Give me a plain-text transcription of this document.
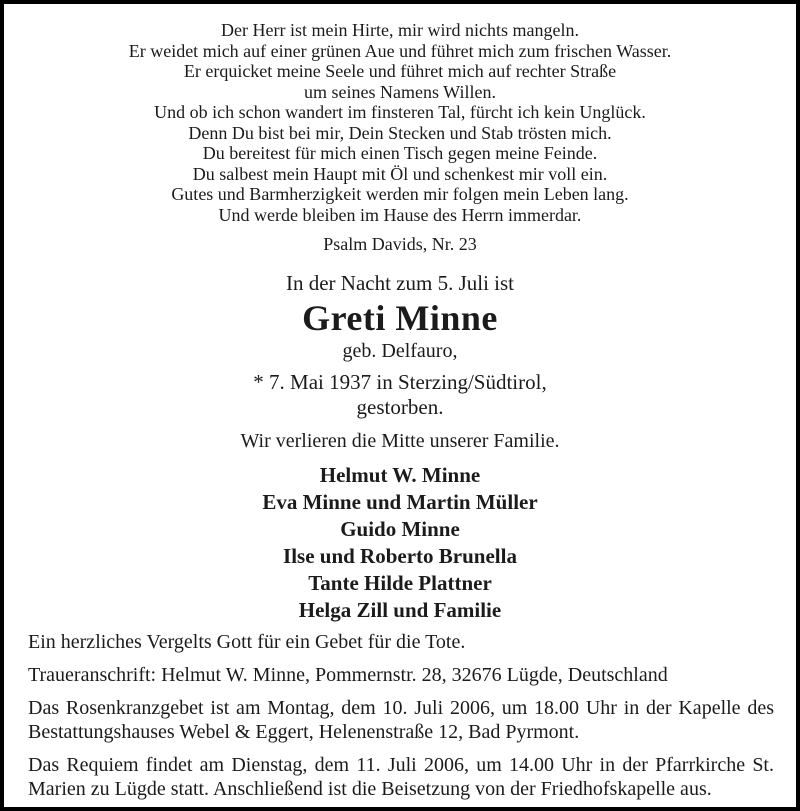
Der Herr ist mein Hirte, mir wird nichts mangeln.
Er weidet mich auf einer grünen Aue und führet mich zum frischen Wasser.
Er erquicket meine Seele und führet mich auf rechter Straße
um seines Namens Willen.
Und ob ich schon wandert im finsteren Tal, fürcht ich kein Unglück.
Denn Du bist bei mir, Dein Stecken und Stab trösten mich.
Du bereitest für mich einen Tisch gegen meine Feinde.
Du salbest mein Haupt mit Öl und schenkest mir voll ein.
Gutes und Barmherzigkeit werden mir folgen mein Leben lang.
Und werde bleiben im Hause des Herrn immerdar.
Psalm Davids, Nr. 23
In der Nacht zum 5. Juli ist
Greti Minne
geb. Delfauro,
* 7. Mai 1937 in Sterzing/Südtirol,
gestorben.
Wir verlieren die Mitte unserer Familie.
Helmut W. Minne
Eva Minne und Martin Müller
Guido Minne
Ilse und Roberto Brunella
Tante Hilde Plattner
Helga Zill und Familie

Ein herzliches Vergelts Gott für ein Gebet für die Tote.

Traueranschrift: Helmut W. Minne, Pommernstr. 28, 32676 Lügde, Deutschland

Das Rosenkranzgebet ist am Montag, dem 10. Juli 2006, um 18.00 Uhr in der Kapelle des Bestattungshauses Webel & Eggert, Helenenstraße 12, Bad Pyrmont.

Das Requiem findet am Dienstag, dem 11. Juli 2006, um 14.00 Uhr in der Pfarrkirche St. Marien zu Lügde statt. Anschließend ist die Beisetzung von der Friedhofskapelle aus.
